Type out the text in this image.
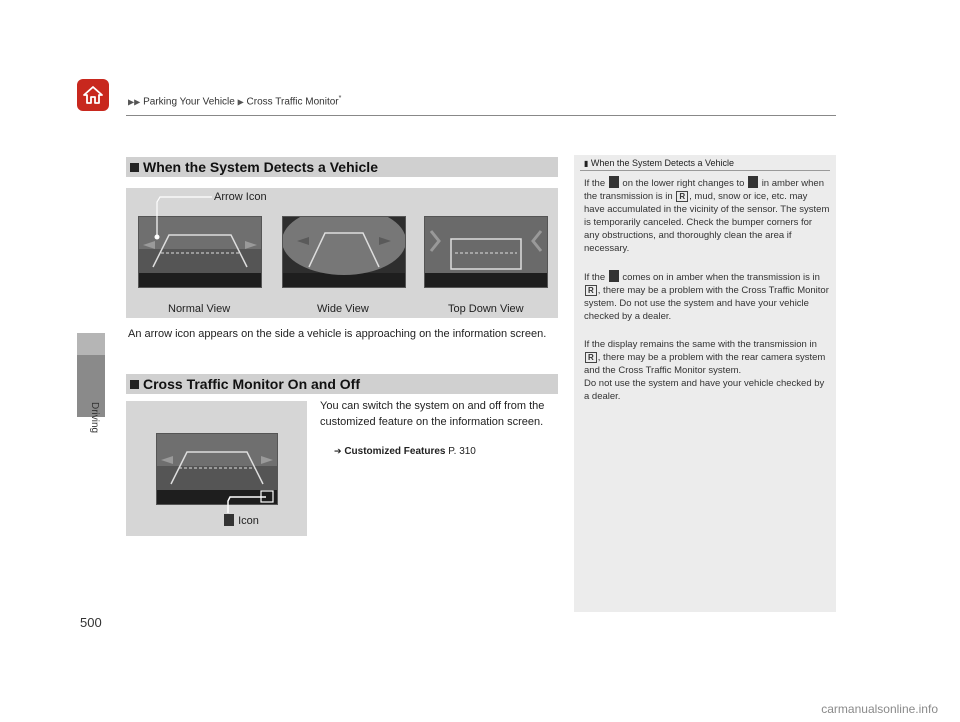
▶▶ Parking Your Vehicle ▶ Cross Traffic Monitor*
Driving
500
When the System Detects a Vehicle
Arrow Icon
Normal View	Wide View	Top Down View
An arrow icon appears on the side a vehicle is approaching on the information screen.
Cross Traffic Monitor On and Off
Icon
You can switch the system on and off from the customized feature on the information screen.
➔ Customized Features P. 310
▮ When the System Detects a Vehicle
If the on the lower right changes to in amber when the transmission is in R , mud, snow or ice, etc. may have accumulated in the vicinity of the sensor. The system is temporarily canceled. Check the bumper corners for any obstructions, and thoroughly clean the area if necessary.
If the comes on in amber when the transmission is in R , there may be a problem with the Cross Traffic Monitor system. Do not use the system and have your vehicle checked by a dealer.
If the display remains the same with the transmission in R , there may be a problem with the rear camera system and the Cross Traffic Monitor system.
Do not use the system and have your vehicle checked by a dealer.
carmanualsonline.info
